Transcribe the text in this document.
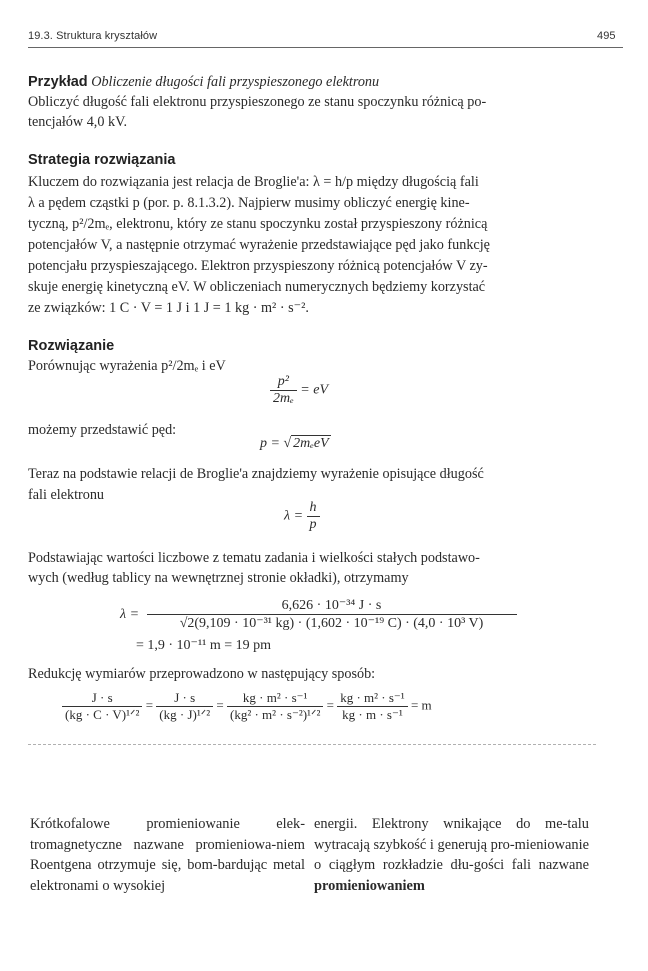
19.3. Struktura kryształów	495
Przykład Obliczenie długości fali przyspieszonego elektronu
Obliczyć długość fali elektronu przyspieszonego ze stanu spoczynku różnicą po-
tencjałów 4,0 kV.
Strategia rozwiązania
Kluczem do rozwiązania jest relacja de Broglie'a: λ = h/p między długością fali
λ a pędem cząstki p (por. p. 8.1.3.2). Najpierw musimy obliczyć energię kine-
tyczną, p²/2mₑ, elektronu, który ze stanu spoczynku został przyspieszony różnicą
potencjałów V, a następnie otrzymać wyrażenie przedstawiające pęd jako funkcję
potencjału przyspieszającego. Elektron przyspieszony różnicą potencjałów V zy-
skuje energię kinetyczną eV. W obliczeniach numerycznych będziemy korzystać
ze związków: 1 C · V = 1 J i 1 J = 1 kg · m² · s⁻².
Rozwiązanie
Porównując wyrażenia p²/2mₑ i eV
$\frac{\text{p²}}{\text{2mₑ}}$ = eV
możemy przedstawić pęd:
p = √ 2mₑeV
Teraz na podstawie relacji de Broglie'a znajdziemy wyrażenie opisujące długość
fali elektronu
$\lambda = \frac{h}{p}$
Podstawiając wartości liczbowe z tematu zadania i wielkości stałych podstawo-
wych (według tablicy na wewnętrznej stronie okładki), otrzymamy
$\lambda = \frac{\text{6,626 · 10⁻³⁴ J · s}}{\text{√2(9,109 · 10⁻³¹ kg) · (1,602 · 10⁻¹⁹ C) · (4,0 · 10³ V)}}$
= 1,9 · 10⁻¹¹ m = 19 pm
Redukcję wymiarów przeprowadzono w następujący sposób:
$\frac{J \cdot s}{\text{(kg · C · V)¹ᐟ²}} = \frac{J \cdot s}{\text{(kg · J)¹ᐟ²}} = \frac{\text{kg · m² · s⁻¹}}{\text{(kg² · m² · s⁻²)¹ᐟ²}} = \frac{\text{kg · m² · s⁻¹}}{\text{kg · m · s⁻¹}} = m$
Krótkofalowe promieniowanie elek-tromagnetyczne nazwane promieniowa-niem Roentgena otrzymuje się, bom-bardując metal elektronami o wysokiej
energii. Elektrony wnikające do me-talu wytracają szybkość i generują pro-mieniowanie o ciągłym rozkładzie dłu-gości fali nazwane promieniowaniem
